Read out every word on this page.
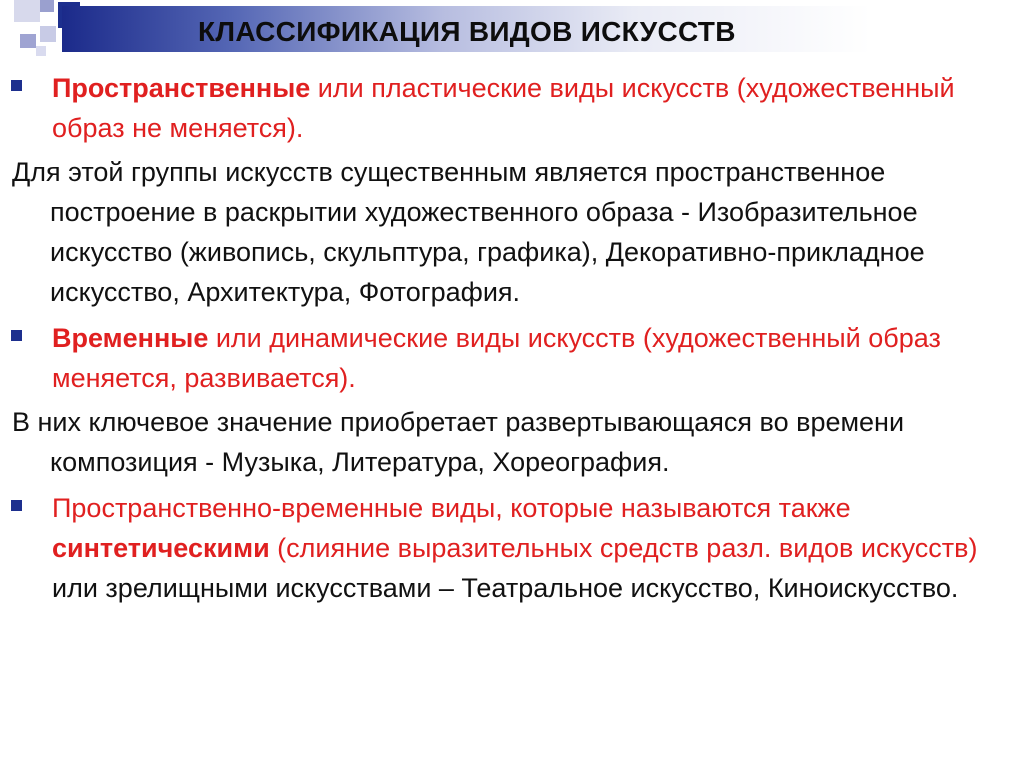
КЛАССИФИКАЦИЯ ВИДОВ ИСКУССТВ
Пространственные или пластические виды искусств (художественный образ не меняется).
Для этой группы искусств существенным является пространственное построение в раскрытии художественного образа - Изобразительное искусство (живопись, скульптура, графика), Декоративно-прикладное искусство, Архитектура, Фотография.
Временные или динамические виды искусств (художественный образ меняется, развивается).
В них ключевое значение приобретает развертывающаяся во времени композиция - Музыка, Литература, Хореография.
Пространственно-временные виды, которые называются также синтетическими (слияние выразительных средств разл. видов искусств) или зрелищными искусствами – Театральное искусство, Киноискусство.
